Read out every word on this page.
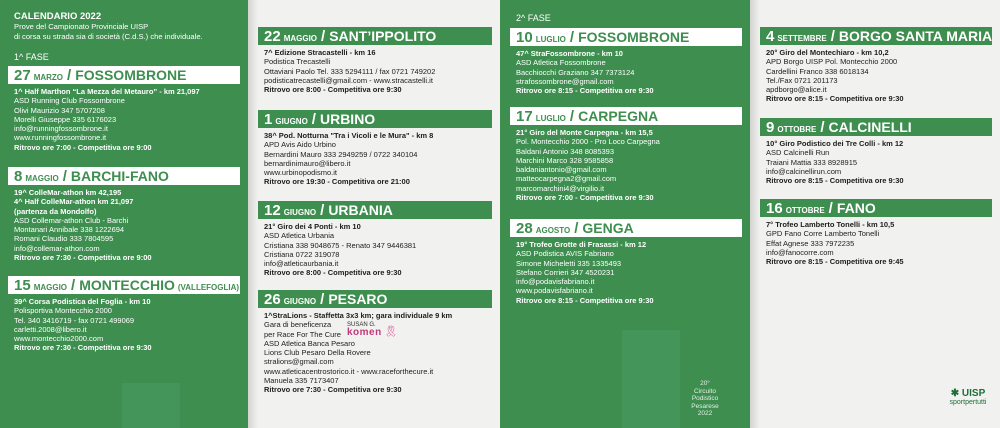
CALENDARIO 2022
Prove del Campionato Provinciale UISP
di corsa su strada sia di società (C.d.S.) che individuale.
1^ FASE
27 MARZO / FOSSOMBRONE
1^ Half Marthon “La Mezza del Metauro” - km 21,097
ASD Running Club Fossombrone
Olivi Maurizio 347 5707208
Morelli Giuseppe 335 6176023
info@runningfossombrone.it
www.runningfossombrone.it
Ritrovo ore 7:00 - Competitiva ore 9:00
8 MAGGIO / BARCHI-FANO
19^ ColleMar-athon km 42,195
4^ Half ColleMar-athon km 21,097
(partenza da Mondolfo)
ASD Collemar-athon Club - Barchi
Montanari Annibale 338 1222694
Romani Claudio 333 7804595
info@collemar-athon.com
Ritrovo ore 7:30 - Competitiva ore 9:00
15 MAGGIO / MONTECCHIO (VALLEFOGLIA)
39^ Corsa Podistica del Foglia - km 10
Polisportiva Montecchio 2000
Tel. 340 3416719 - fax 0721 499069
carletti.2008@libero.it
www.montecchio2000.com
Ritrovo ore 7:30 - Competitiva ore 9:30
22 MAGGIO / SANT’IPPOLITO
7^ Edizione Stracastelli - km 16
Podistica Trecastelli
Ottaviani Paolo Tel. 333 5294111 / fax 0721 749202
podisticatrecastelli@gmail.com - www.stracastelli.it
Ritrovo ore 8:00 - Competitiva ore 9:30
1 GIUGNO / URBINO
38^ Pod. Notturna "Tra i Vicoli e le Mura" - km 8
APD Avis Aido Urbino
Bernardini Mauro 333 2949259 / 0722 340104
bernardinimauro@libero.it
www.urbinopodismo.it
Ritrovo ore 19:30 - Competitiva ore 21:00
12 GIUGNO / URBANIA
21° Giro dei 4 Ponti - km 10
ASD Atletica Urbania
Cristiana 338 9048675 - Renato 347 9446381
Cristiana 0722 319078
info@atleticaurbania.it
Ritrovo ore 8:00 - Competitiva ore 9:30
26 GIUGNO / PESARO
1^StraLions - Staffetta 3x3 km; gara individuale 9 km
Gara di beneficenza
per Race For The Cure
SUSAN G.
komen 🎗
ASD Atletica Banca Pesaro
Lions Club Pesaro Della Rovere
stralions@gmail.com
www.atleticacentrostorico.it - www.raceforthecure.it
Manuela 335 7173407
Ritrovo ore 7:30 - Competitiva ore 9:30
2^ FASE
10 LUGLIO / FOSSOMBRONE
47^ StraFossombrone - km 10
ASD Atletica Fossombrone
Bacchiocchi Graziano 347 7373124
strafossombrone@gmail.com
Ritrovo ore 8:15 - Competitiva ore 9:30
17 LUGLIO / CARPEGNA
21° Giro del Monte Carpegna - km 15,5
Pol. Montecchio 2000 - Pro Loco Carpegna
Baldani Antonio 348 8085393
Marchini Marco 328 9585858
baldaniantonio@gmail.com
matteocarpegna2@gmail.com
marcomarchini4@virgilio.it
Ritrovo ore 7:00 - Competitiva ore 9:30
28 AGOSTO / GENGA
19° Trofeo Grotte di Frasassi - km 12
ASD Podistica AVIS Fabriano
Simone Micheletti 335 1335493
Stefano Corrieri 347 4520231
info@podavisfabriano.it
www.podavisfabriano.it
Ritrovo ore 8:15 - Competitiva ore 9:30
20°
Circuito
Podistico
Pesarese
2022
4 SETTEMBRE / BORGO SANTA MARIA
20° Giro del Montechiaro - km 10,2
APD Borgo UISP Pol. Montecchio 2000
Cardellini Franco 338 6018134
Tel./Fax 0721 201173
apdborgo@alice.it
Ritrovo ore 8:15 - Competitiva ore 9:30
9 OTTOBRE / CALCINELLI
10° Giro Podistico dei Tre Colli - km 12
ASD Calcinelli Run
Traiani Mattia 333 8928915
info@calcinellirun.com
Ritrovo ore 8:15 - Competitiva ore 9:30
16 OTTOBRE / FANO
7° Trofeo Lamberto Tonelli - km 10,5
GPD Fano Corre Lamberto Tonelli
Effat Agnese 333 7972235
info@fanocorre.com
Ritrovo ore 8:15 - Competitiva ore 9:45
✱ UISP
sportpertutti
